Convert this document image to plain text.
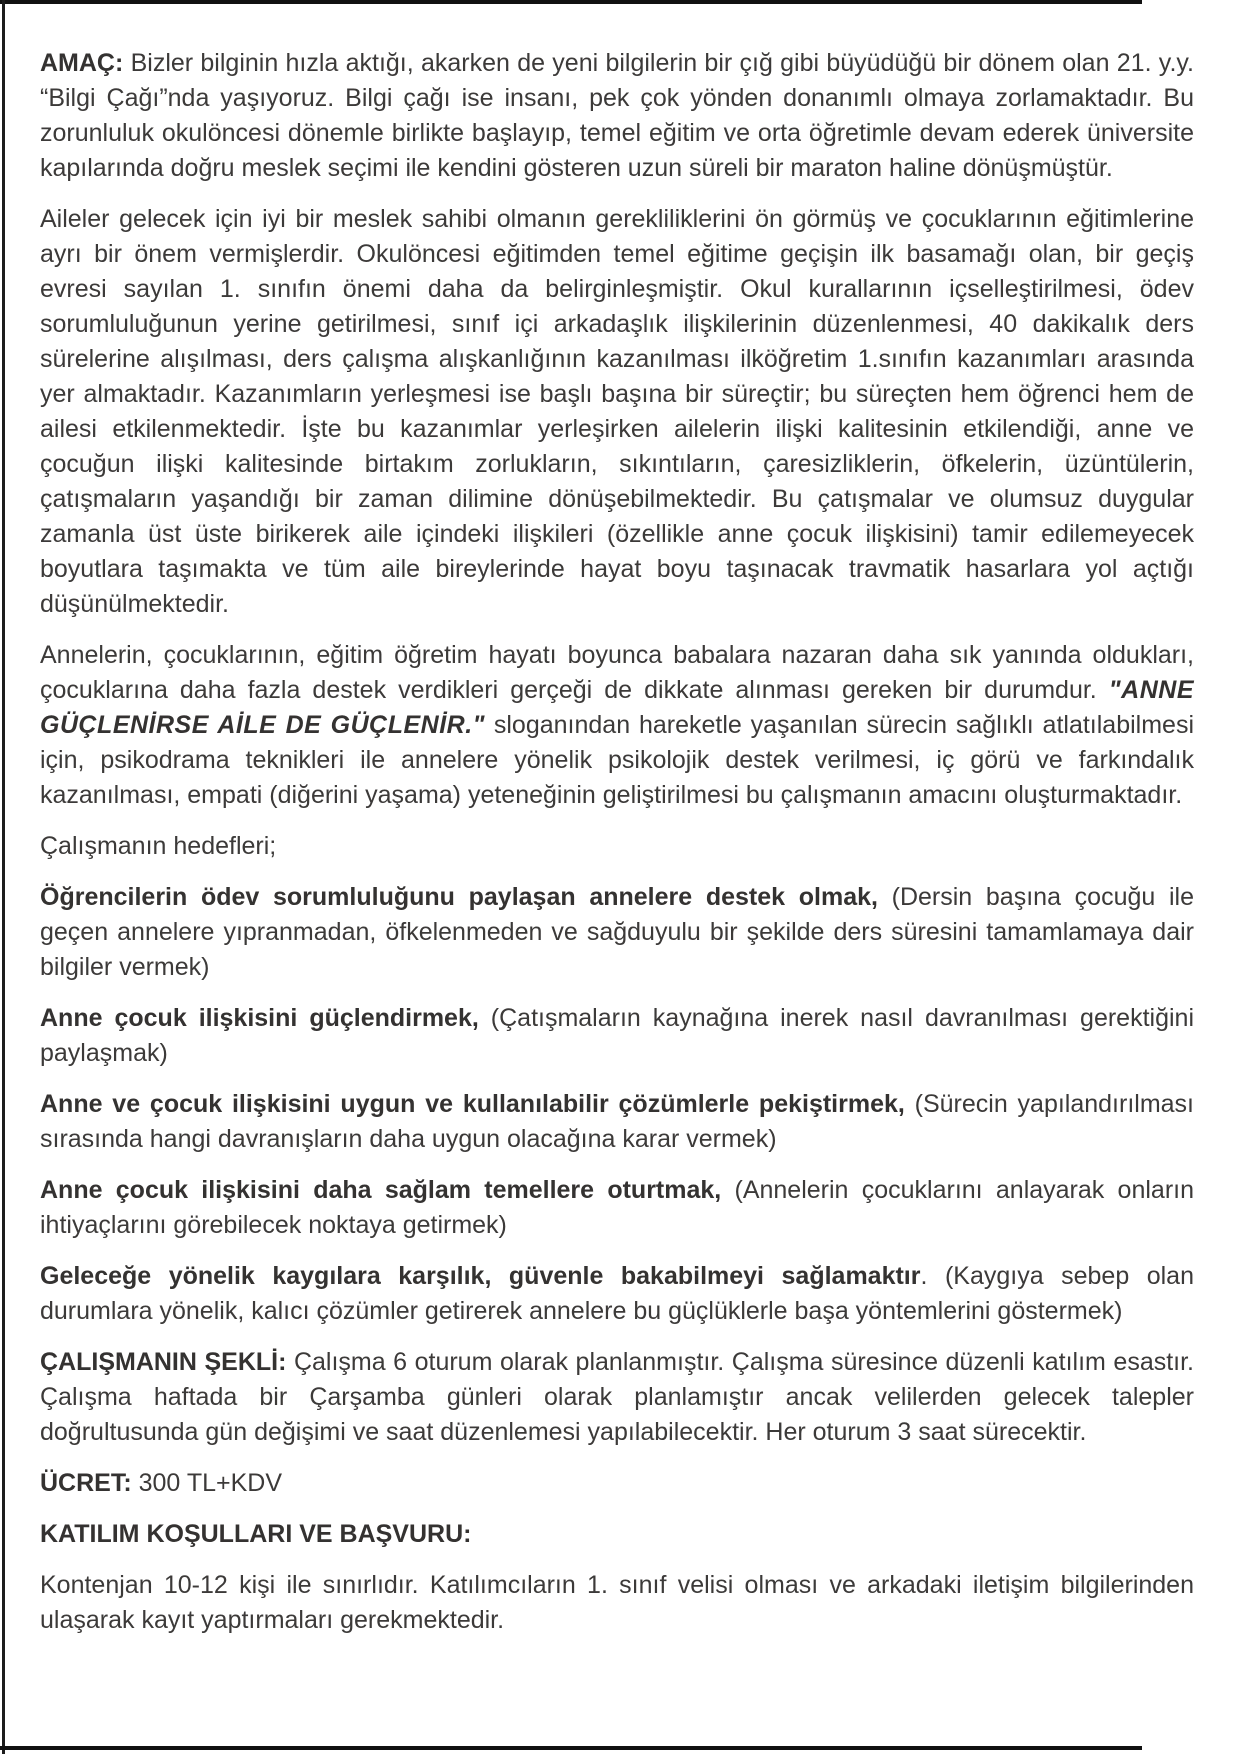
AMAÇ: Bizler bilginin hızla aktığı, akarken de yeni bilgilerin bir çığ gibi büyüdüğü bir dönem olan 21. y.y. “Bilgi Çağı”nda yaşıyoruz. Bilgi çağı ise insanı, pek çok yönden donanımlı olmaya zorlamaktadır. Bu zorunluluk okulöncesi dönemle birlikte başlayıp, temel eğitim ve orta öğretimle devam ederek üniversite kapılarında doğru meslek seçimi ile kendini gösteren uzun süreli bir maraton haline dönüşmüştür.

Aileler gelecek için iyi bir meslek sahibi olmanın gerekliliklerini ön görmüş ve çocuklarının eğitimlerine ayrı bir önem vermişlerdir. Okulöncesi eğitimden temel eğitime geçişin ilk basamağı olan, bir geçiş evresi sayılan 1. sınıfın önemi daha da belirginleşmiştir. Okul kurallarının içselleştirilmesi, ödev sorumluluğunun yerine getirilmesi, sınıf içi arkadaşlık ilişkilerinin düzenlenmesi, 40 dakikalık ders sürelerine alışılması, ders çalışma alışkanlığının kazanılması ilköğretim 1.sınıfın kazanımları arasında yer almaktadır. Kazanımların yerleşmesi ise başlı başına bir süreçtir; bu süreçten hem öğrenci hem de ailesi etkilenmektedir. İşte bu kazanımlar yerleşirken ailelerin ilişki kalitesinin etkilendiği, anne ve çocuğun ilişki kalitesinde birtakım zorlukların, sıkıntıların, çaresizliklerin, öfkelerin, üzüntülerin, çatışmaların yaşandığı bir zaman dilimine dönüşebilmektedir. Bu çatışmalar ve olumsuz duygular zamanla üst üste birikerek aile içindeki ilişkileri (özellikle anne çocuk ilişkisini) tamir edilemeyecek boyutlara taşımakta ve tüm aile bireylerinde hayat boyu taşınacak travmatik hasarlara yol açtığı düşünülmektedir.

Annelerin, çocuklarının, eğitim öğretim hayatı boyunca babalara nazaran daha sık yanında oldukları, çocuklarına daha fazla destek verdikleri gerçeği de dikkate alınması gereken bir durumdur. "ANNE GÜÇLENİRSE AİLE DE GÜÇLENİR." sloganından hareketle yaşanılan sürecin sağlıklı atlatılabilmesi için, psikodrama teknikleri ile annelere yönelik psikolojik destek verilmesi, iç görü ve farkındalık kazanılması, empati (diğerini yaşama) yeteneğinin geliştirilmesi bu çalışmanın amacını oluşturmaktadır.

Çalışmanın hedefleri;

Öğrencilerin ödev sorumluluğunu paylaşan annelere destek olmak, (Dersin başına çocuğu ile geçen annelere yıpranmadan, öfkelenmeden ve sağduyulu bir şekilde ders süresini tamamlamaya dair bilgiler vermek)

Anne çocuk ilişkisini güçlendirmek, (Çatışmaların kaynağına inerek nasıl davranılması gerektiğini paylaşmak)

Anne ve çocuk ilişkisini uygun ve kullanılabilir çözümlerle pekiştirmek, (Sürecin yapılandırılması sırasında hangi davranışların daha uygun olacağına karar vermek)

Anne çocuk ilişkisini daha sağlam temellere oturtmak, (Annelerin çocuklarını anlayarak onların ihtiyaçlarını görebilecek noktaya getirmek)

Geleceğe yönelik kaygılara karşılık, güvenle bakabilmeyi sağlamaktır. (Kaygıya sebep olan durumlara yönelik, kalıcı çözümler getirerek annelere bu güçlüklerle başa yöntemlerini göstermek)

ÇALIŞMANIN ŞEKLİ: Çalışma 6 oturum olarak planlanmıştır. Çalışma süresince düzenli katılım esastır. Çalışma haftada bir Çarşamba günleri olarak planlamıştır ancak velilerden gelecek talepler doğrultusunda gün değişimi ve saat düzenlemesi yapılabilecektir. Her oturum 3 saat sürecektir.

ÜCRET: 300 TL+KDV

KATILIM KOŞULLARI VE BAŞVURU:

Kontenjan 10-12 kişi ile sınırlıdır. Katılımcıların 1. sınıf velisi olması ve arkadaki iletişim bilgilerinden ulaşarak kayıt yaptırmaları gerekmektedir.
